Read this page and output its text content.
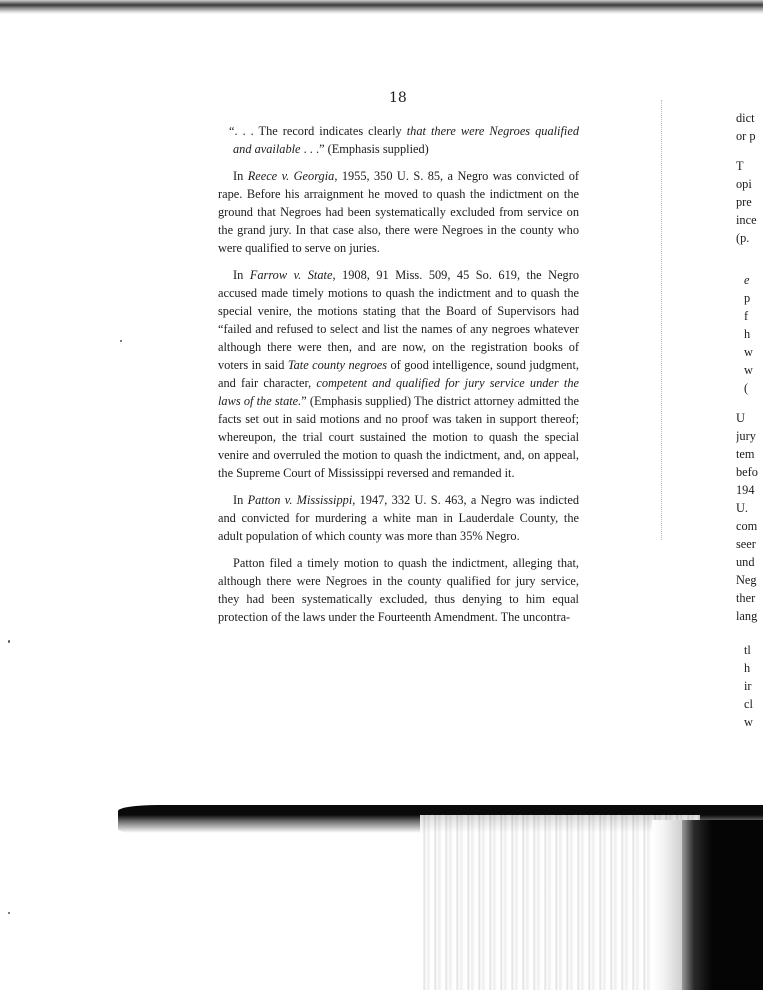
18

“. . . The record indicates clearly that there were Negroes qualified and available . . .” (Emphasis supplied)

In Reece v. Georgia, 1955, 350 U. S. 85, a Negro was convicted of rape. Before his arraignment he moved to quash the indictment on the ground that Negroes had been systematically excluded from service on the grand jury. In that case also, there were Negroes in the county who were qualified to serve on juries.

In Farrow v. State, 1908, 91 Miss. 509, 45 So. 619, the Negro accused made timely motions to quash the indictment and to quash the special venire, the motions stating that the Board of Supervisors had “failed and refused to select and list the names of any negroes whatever although there were then, and are now, on the registration books of voters in said Tate county negroes of good intelligence, sound judgment, and fair character, competent and qualified for jury service under the laws of the state.” (Emphasis supplied) The district attorney admitted the facts set out in said motions and no proof was taken in support thereof; whereupon, the trial court sustained the motion to quash the special venire and overruled the motion to quash the indictment, and, on appeal, the Supreme Court of Mississippi reversed and remanded it.

In Patton v. Mississippi, 1947, 332 U. S. 463, a Negro was indicted and convicted for murdering a white man in Lauderdale County, the adult population of which county was more than 35% Negro.

Patton filed a timely motion to quash the indictment, alleging that, although there were Negroes in the county qualified for jury service, they had been systematically excluded, thus denying to him equal protection of the laws under the Fourteenth Amendment. The uncontra-

dict
or p
T
opi
pre
ince
(p.
e
p
f
h
w
w
(
U
jury
tem
befo
194
U.
com
seer
und
Neg
ther
lang
tl
h
ir
cl
w
